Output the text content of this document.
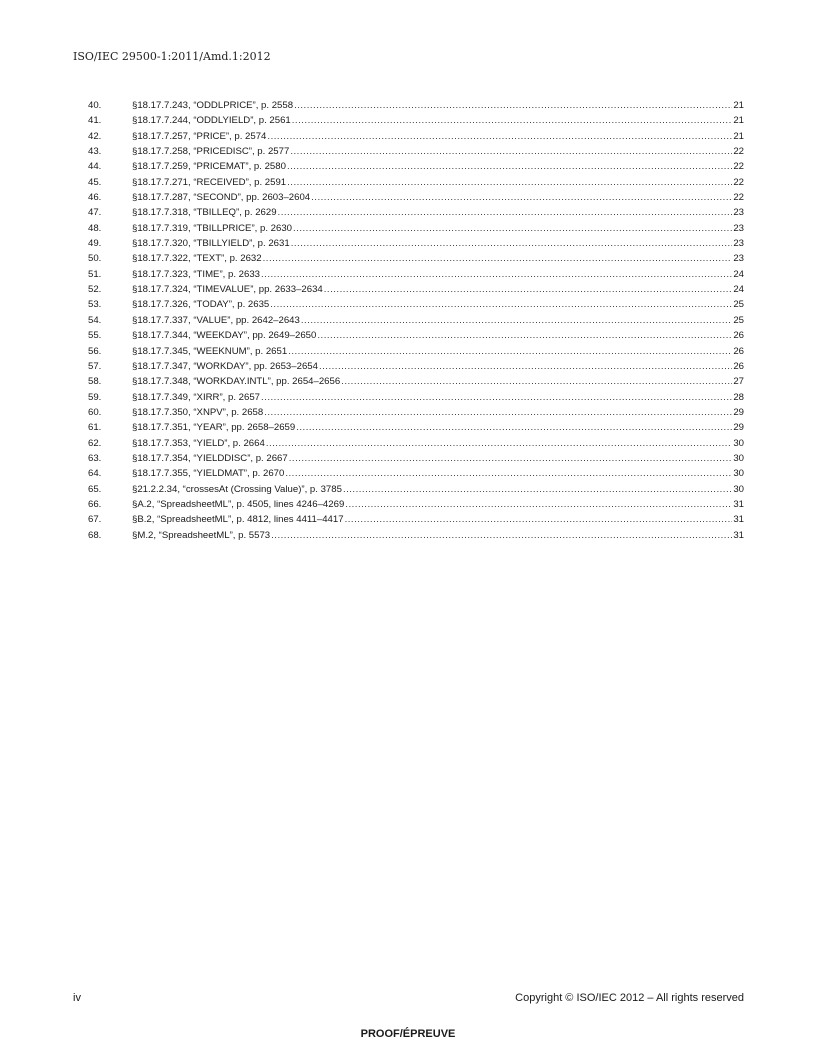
ISO/IEC 29500-1:2011/Amd.1:2012
40.	§18.17.7.243, “ODDLPRICE”, p. 2558 .....	21
41.	§18.17.7.244, “ODDLYIELD”, p. 2561 .....	21
42.	§18.17.7.257, “PRICE”, p. 2574 .....	21
43.	§18.17.7.258, “PRICEDISC”, p. 2577 .....	22
44.	§18.17.7.259, “PRICEMAT”, p. 2580 .....	22
45.	§18.17.7.271, “RECEIVED”, p. 2591 .....	22
46.	§18.17.7.287, “SECOND”, pp. 2603–2604 .....	22
47.	§18.17.7.318, “TBILLEQ”, p. 2629 .....	23
48.	§18.17.7.319, “TBILLPRICE”, p. 2630 .....	23
49.	§18.17.7.320, “TBILLYIELD”, p. 2631 .....	23
50.	§18.17.7.322, “TEXT”, p. 2632 .....	23
51.	§18.17.7.323, “TIME”, p. 2633 .....	24
52.	§18.17.7.324, “TIMEVALUE”, pp. 2633–2634 .....	24
53.	§18.17.7.326, “TODAY”, p. 2635 .....	25
54.	§18.17.7.337, “VALUE”, pp. 2642–2643 .....	25
55.	§18.17.7.344, “WEEKDAY”, pp. 2649–2650 .....	26
56.	§18.17.7.345, “WEEKNUM”, p. 2651 .....	26
57.	§18.17.7.347, “WORKDAY”, pp. 2653–2654 .....	26
58.	§18.17.7.348, “WORKDAY.INTL”, pp. 2654–2656 .....	27
59.	§18.17.7.349, “XIRR”, p. 2657 .....	28
60.	§18.17.7.350, “XNPV”, p. 2658 .....	29
61.	§18.17.7.351, “YEAR”, pp. 2658–2659 .....	29
62.	§18.17.7.353, “YIELD”, p. 2664 .....	30
63.	§18.17.7.354, “YIELDDISC”, p. 2667 .....	30
64.	§18.17.7.355, “YIELDMAT”, p. 2670 .....	30
65.	§21.2.2.34, “crossesAt (Crossing Value)”, p. 3785 .....	30
66.	§A.2, “SpreadsheetML”, p. 4505, lines 4246–4269 .....	31
67.	§B.2, “SpreadsheetML”, p. 4812, lines 4411–4417 .....	31
68.	§M.2, “SpreadsheetML”, p. 5573 .....	31
iv	Copyright © ISO/IEC 2012 – All rights reserved
PROOF/ÉPREUVE
